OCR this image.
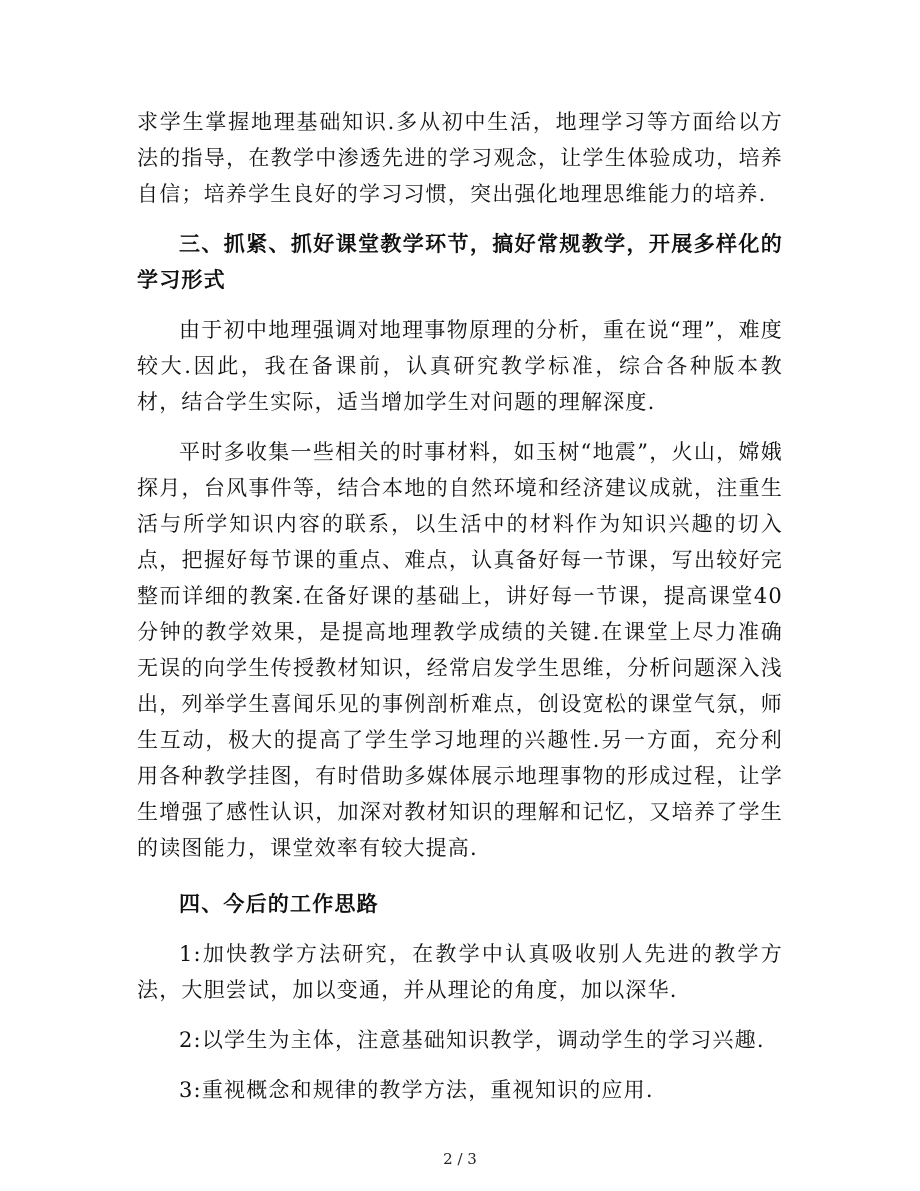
求学生掌握地理基础知识.多从初中生活，地理学习等方面给以方法的指导，在教学中渗透先进的学习观念，让学生体验成功，培养自信；培养学生良好的学习习惯，突出强化地理思维能力的培养.

三、抓紧、抓好课堂教学环节，搞好常规教学，开展多样化的学习形式

由于初中地理强调对地理事物原理的分析，重在说“理”，难度较大.因此，我在备课前，认真研究教学标准，综合各种版本教材，结合学生实际，适当增加学生对问题的理解深度.

平时多收集一些相关的时事材料，如玉树“地震”，火山，嫦娥探月，台风事件等，结合本地的自然环境和经济建议成就，注重生活与所学知识内容的联系，以生活中的材料作为知识兴趣的切入点，把握好每节课的重点、难点，认真备好每一节课，写出较好完整而详细的教案.在备好课的基础上，讲好每一节课，提高课堂40分钟的教学效果，是提高地理教学成绩的关键.在课堂上尽力准确无误的向学生传授教材知识，经常启发学生思维，分析问题深入浅出，列举学生喜闻乐见的事例剖析难点，创设宽松的课堂气氛，师生互动，极大的提高了学生学习地理的兴趣性.另一方面，充分利用各种教学挂图，有时借助多媒体展示地理事物的形成过程，让学生增强了感性认识，加深对教材知识的理解和记忆，又培养了学生的读图能力，课堂效率有较大提高.

四、今后的工作思路

1:加快教学方法研究，在教学中认真吸收别人先进的教学方法，大胆尝试，加以变通，并从理论的角度，加以深华.

2:以学生为主体，注意基础知识教学，调动学生的学习兴趣.

3:重视概念和规律的教学方法，重视知识的应用.

2 / 3
